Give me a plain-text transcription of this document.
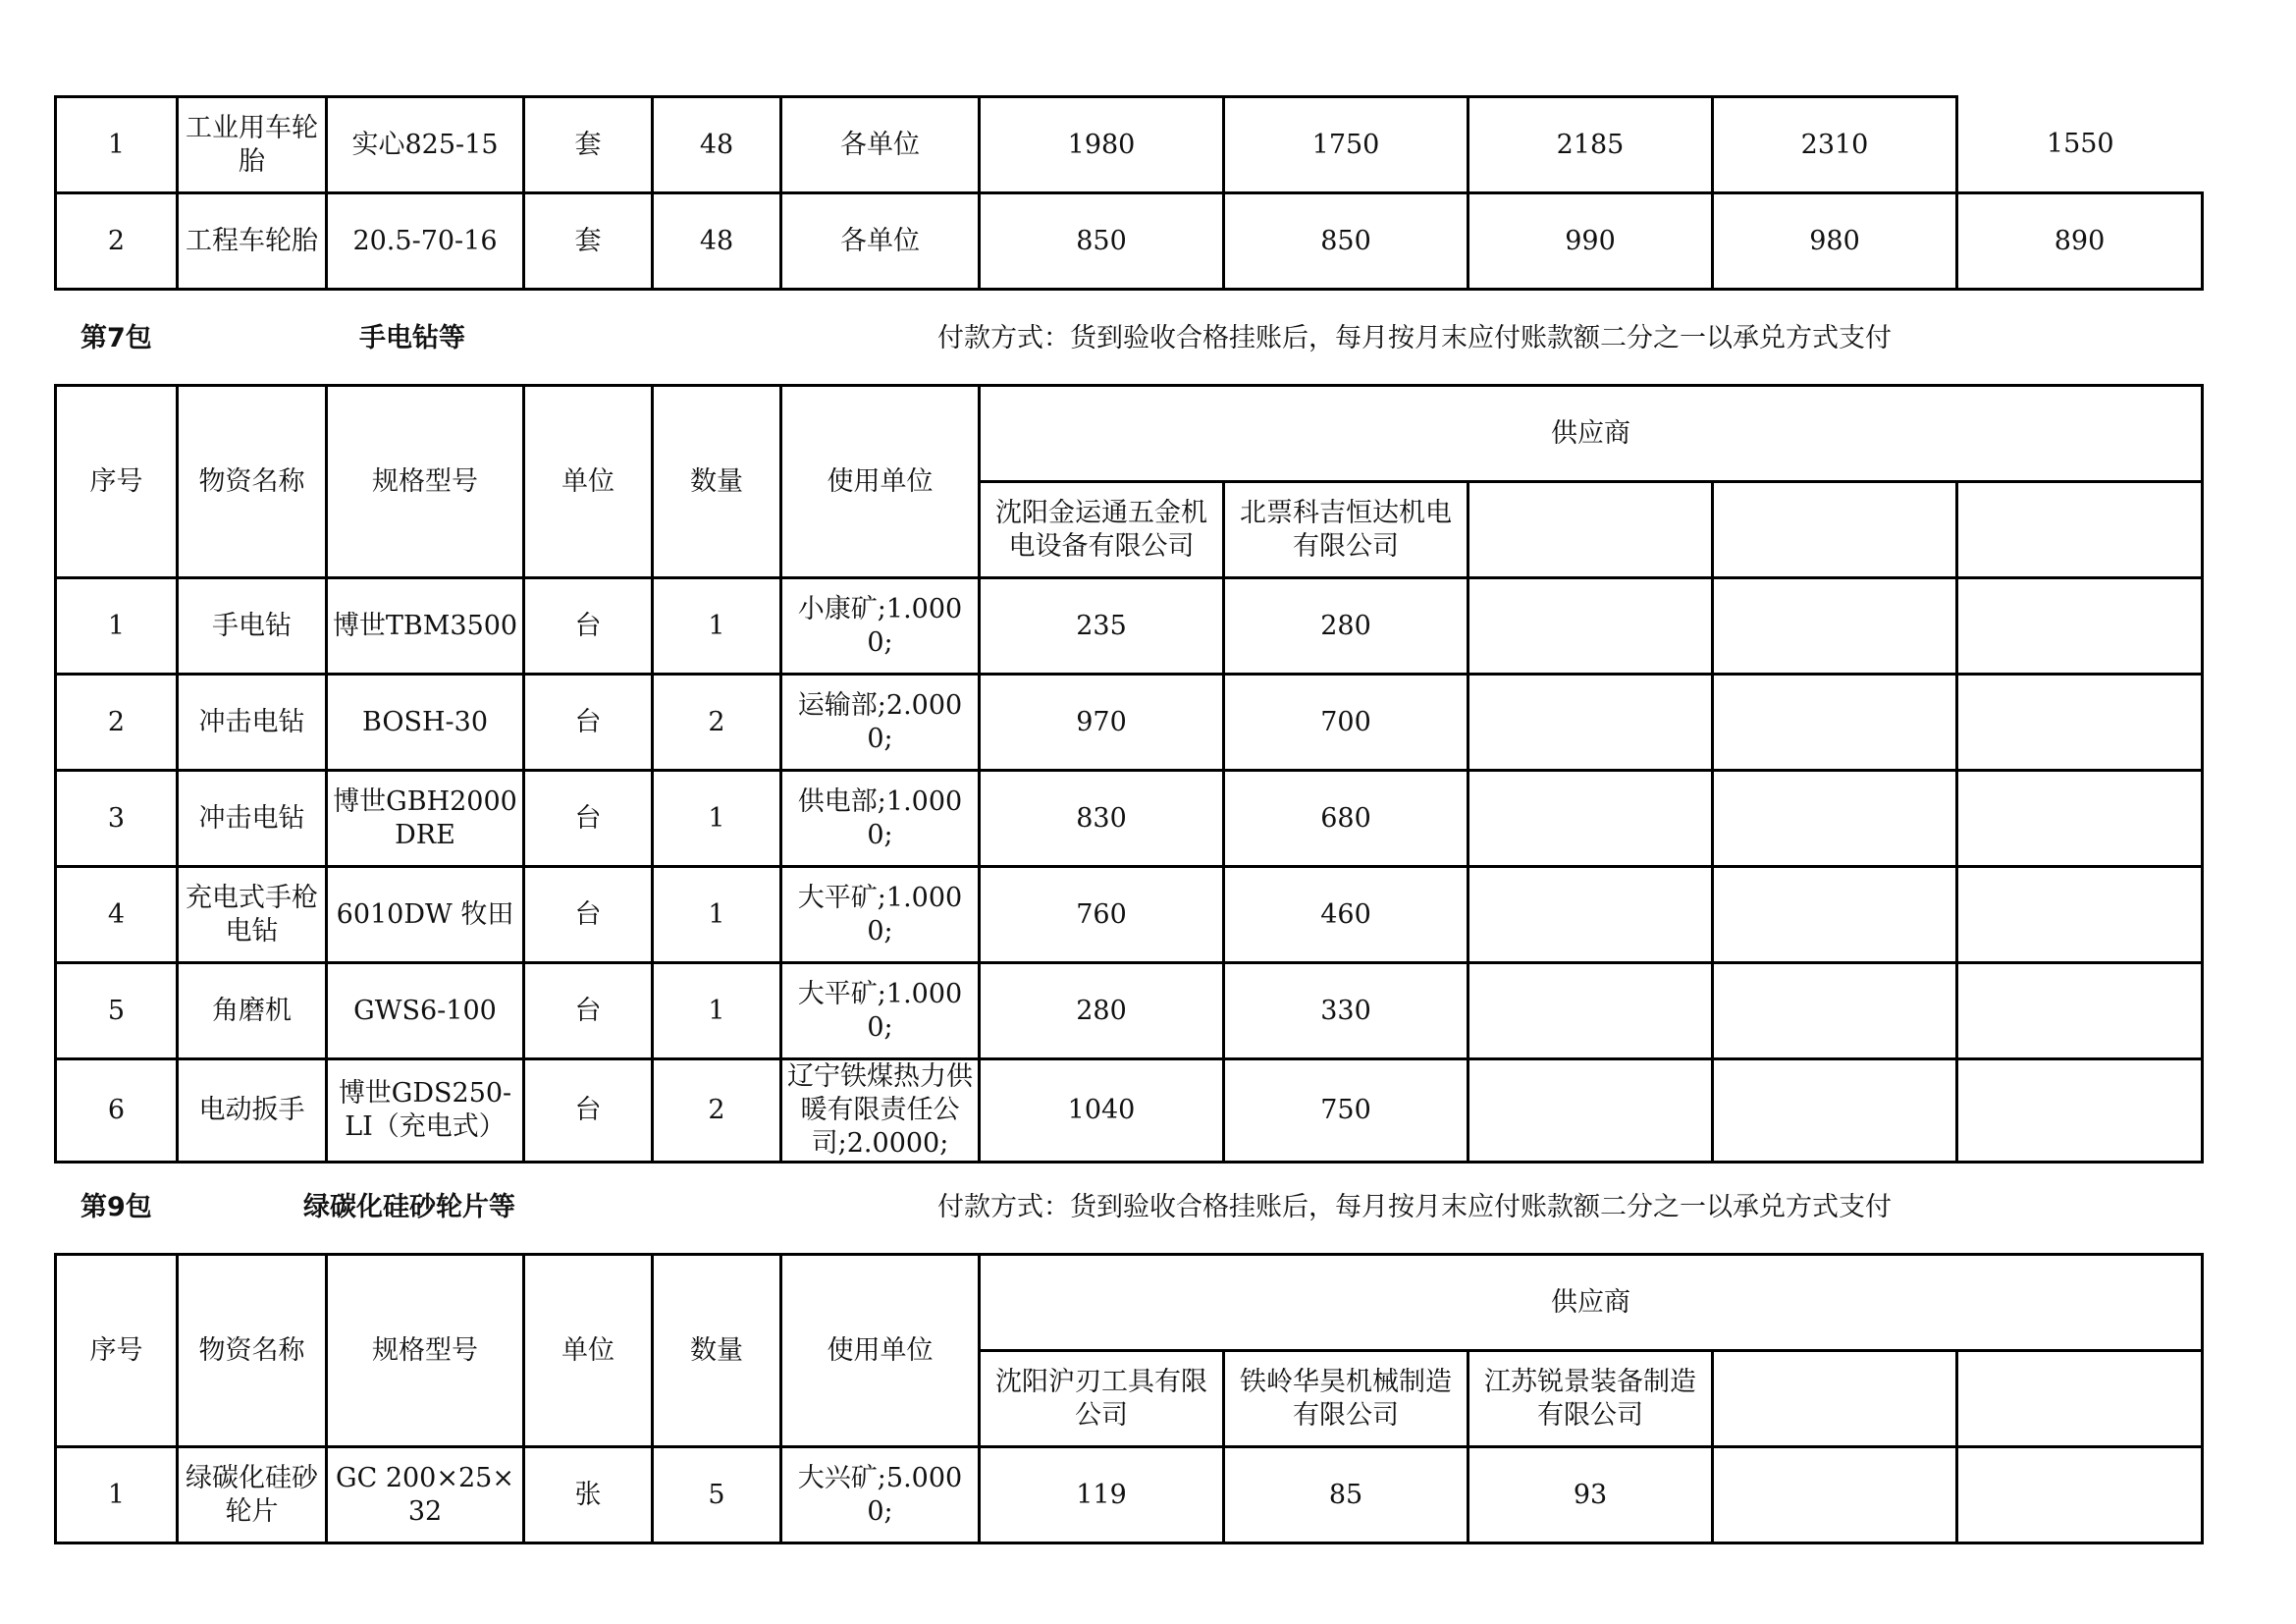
1	工业用车轮胎	实心825-15	套	48	各单位	1980	1750	2185	2310	1550
2	工程车轮胎	20.5-70-16	套	48	各单位	850	850	990	980	890
第7包	手电钻等	付款方式：货到验收合格挂账后，每月按月末应付账款额二分之一以承兑方式支付
序号	物资名称	规格型号	单位	数量	使用单位	供应商				
						沈阳金运通五金机电设备有限公司	北票科吉恒达机电有限公司			
1	手电钻	博世TBM3500	台	1	小康矿;1.0000;	235	280			
2	冲击电钻	BOSH-30	台	2	运输部;2.0000;	970	700			
3	冲击电钻	博世GBH2000DRE	台	1	供电部;1.0000;	830	680			
4	充电式手枪电钻	6010DW 牧田	台	1	大平矿;1.0000;	760	460			
5	角磨机	GWS6-100	台	1	大平矿;1.0000;	280	330			
6	电动扳手	博世GDS250-LI（充电式）	台	2	辽宁铁煤热力供暖有限责任公司;2.0000;	1040	750			
第9包	绿碳化硅砂轮片等	付款方式：货到验收合格挂账后，每月按月末应付账款额二分之一以承兑方式支付
序号	物资名称	规格型号	单位	数量	使用单位	供应商				
						沈阳沪刃工具有限公司	铁岭华昊机械制造有限公司	江苏锐景装备制造有限公司		
1	绿碳化硅砂轮片	GC 200×25×32	张	5	大兴矿;5.0000;	119	85	93		
